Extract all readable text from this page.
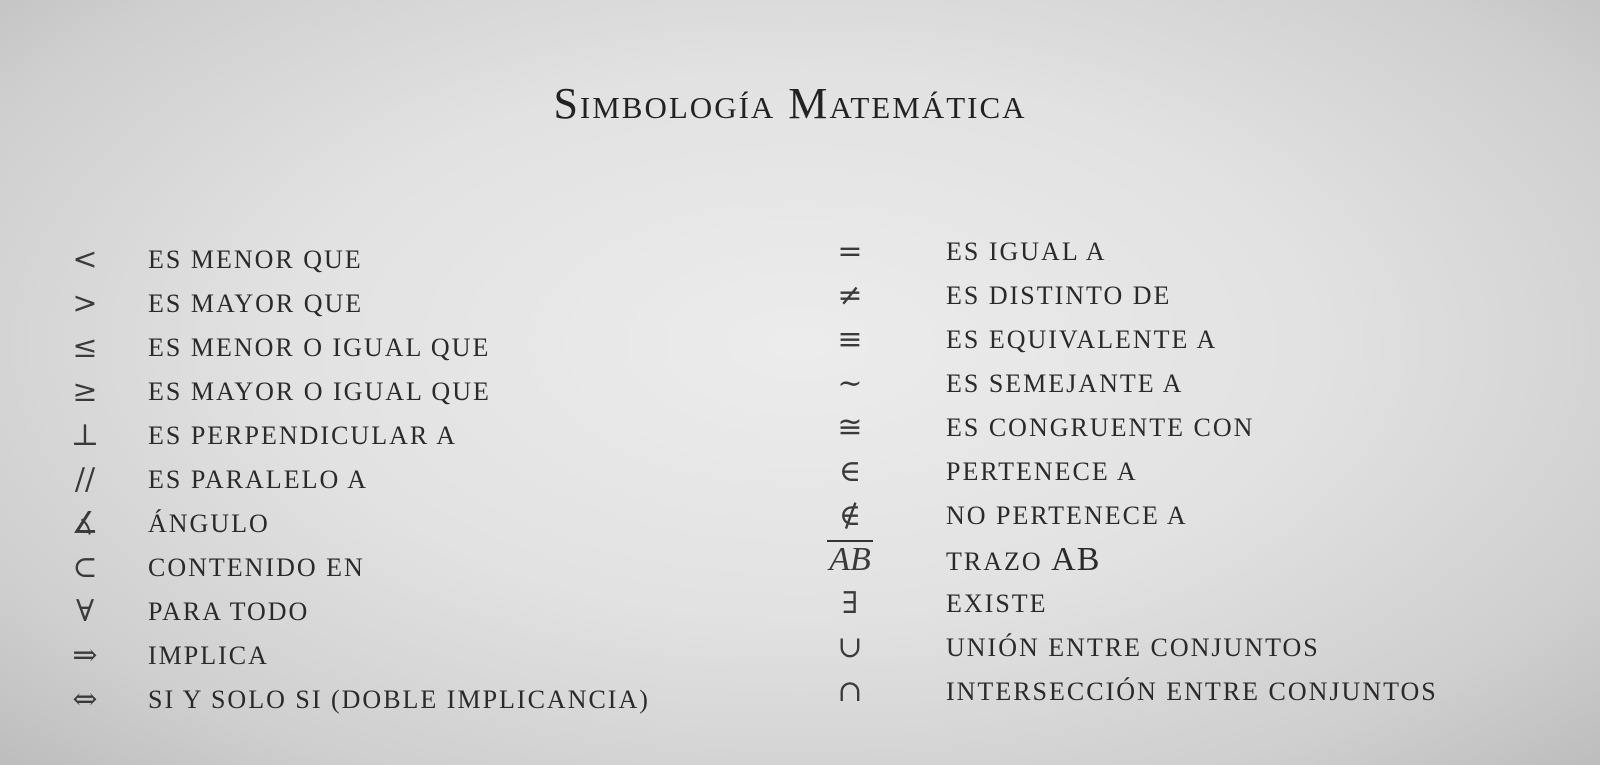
Simbología Matemática
<	ES MENOR QUE
>	ES MAYOR QUE
≤	ES MENOR O IGUAL QUE
≥	ES MAYOR O IGUAL QUE
⊥	ES PERPENDICULAR A
//	ES PARALELO A
∡	ÁNGULO
⊂	CONTENIDO EN
∀	PARA TODO
⇒	IMPLICA
⇔	SI Y SOLO SI (DOBLE IMPLICANCIA)
=	ES IGUAL A
≠	ES DISTINTO DE
≡	ES EQUIVALENTE A
∼	ES SEMEJANTE A
≅	ES CONGRUENTE CON
∈	PERTENECE A
∉	NO PERTENECE A
AB	TRAZO AB
∃	EXISTE
∪	UNIÓN ENTRE CONJUNTOS
∩	INTERSECCIÓN ENTRE CONJUNTOS
